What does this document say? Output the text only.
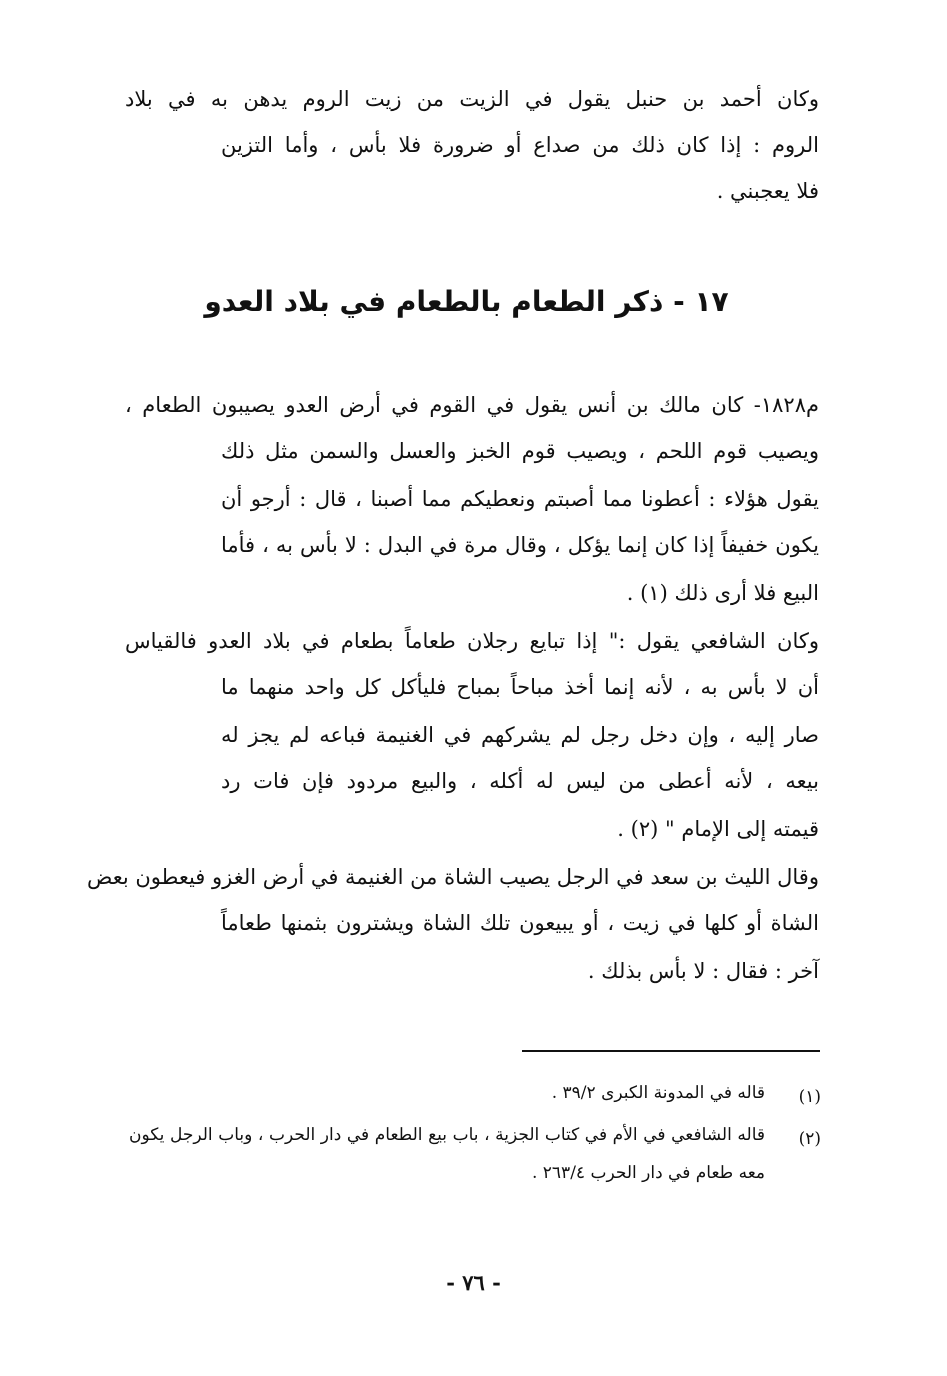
وكان أحمد بن حنبل يقول في الزيت من زيت الروم يدهن به في بلاد
الروم : إذا كان ذلك من صداع أو ضرورة فلا بأس ، وأما التزين
فلا يعجبني .
١٧ - ذكر الطعام بالطعام في بلاد العدو
م١٨٢٨- كان مالك بن أنس يقول في القوم في أرض العدو يصيبون الطعام ،
ويصيب قوم اللحم ، ويصيب قوم الخبز والعسل والسمن مثل ذلك
يقول هؤلاء : أعطونا مما أصبتم ونعطيكم مما أصبنا ، قال : أرجو أن
يكون خفيفاً إذا كان إنما يؤكل ، وقال مرة في البدل : لا بأس به ، فأما
البيع فلا أرى ذلك (١) .
وكان الشافعي يقول :" إذا تبايع رجلان طعاماً بطعام في بلاد العدو فالقياس
أن لا بأس به ، لأنه إنما أخذ مباحاً بمباح فليأكل كل واحد منهما ما
صار إليه ، وإن دخل رجل لم يشركهم في الغنيمة فباعه لم يجز له
بيعه ، لأنه أعطى من ليس له أكله ، والبيع مردود فإن فات رد
قيمته إلى الإمام " (٢) .
وقال الليث بن سعد في الرجل يصيب الشاة من الغنيمة في أرض الغزو فيعطون بعض
الشاة أو كلها في زيت ، أو يبيعون تلك الشاة ويشترون بثمنها طعاماً
آخر : فقال : لا بأس بذلك .
(١)
قاله في المدونة الكبرى ٣٩/٢ .
(٢)
قاله الشافعي في الأم في كتاب الجزية ، باب بيع الطعام في دار الحرب ، وباب الرجل يكون
معه طعام في دار الحرب ٢٦٣/٤ .
- ٧٦ -
